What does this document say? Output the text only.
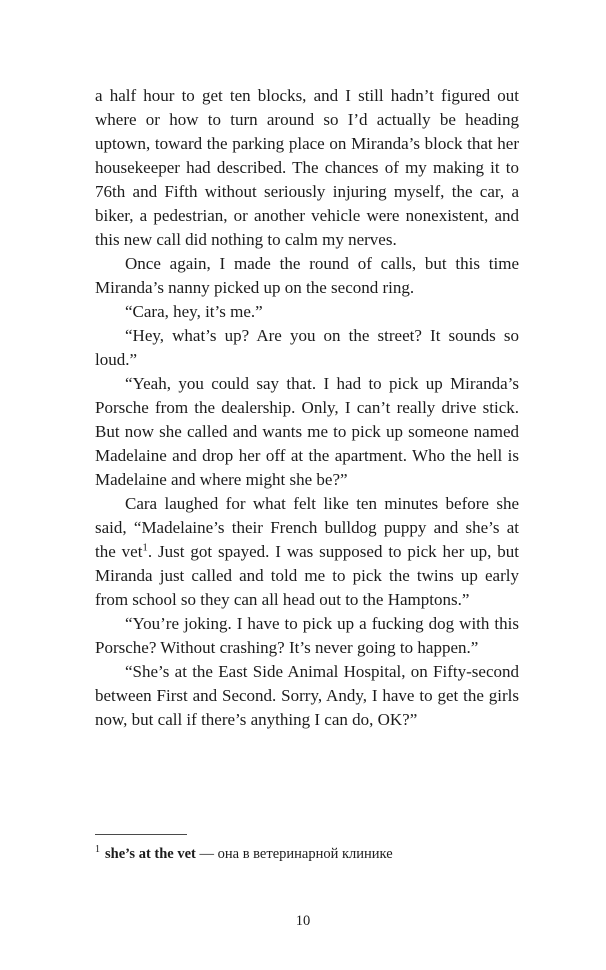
a half hour to get ten blocks, and I still hadn’t figured out where or how to turn around so I’d actually be heading uptown, toward the parking place on Miranda’s block that her housekeeper had described. The chances of my making it to 76th and Fifth without seriously injuring myself, the car, a biker, a pedestrian, or another vehicle were nonexistent, and this new call did nothing to calm my nerves.

Once again, I made the round of calls, but this time Miranda’s nanny picked up on the second ring.

“Cara, hey, it’s me.”

“Hey, what’s up? Are you on the street? It sounds so loud.”

“Yeah, you could say that. I had to pick up Miranda’s Porsche from the dealership. Only, I can’t really drive stick. But now she called and wants me to pick up someone named Madelaine and drop her off at the apartment. Who the hell is Madelaine and where might she be?”

Cara laughed for what felt like ten minutes before she said, “Madelaine’s their French bulldog puppy and she’s at the vet$^1$. Just got spayed. I was supposed to pick her up, but Miranda just called and told me to pick the twins up early from school so they can all head out to the Hamptons.”

“You’re joking. I have to pick up a fucking dog with this Porsche? Without crashing? It’s never going to happen.”

“She’s at the East Side Animal Hospital, on Fifty-second between First and Second. Sorry, Andy, I have to get the girls now, but call if there’s anything I can do, OK?”

$^1$ she’s at the vet — она в ветеринарной клинике

10
